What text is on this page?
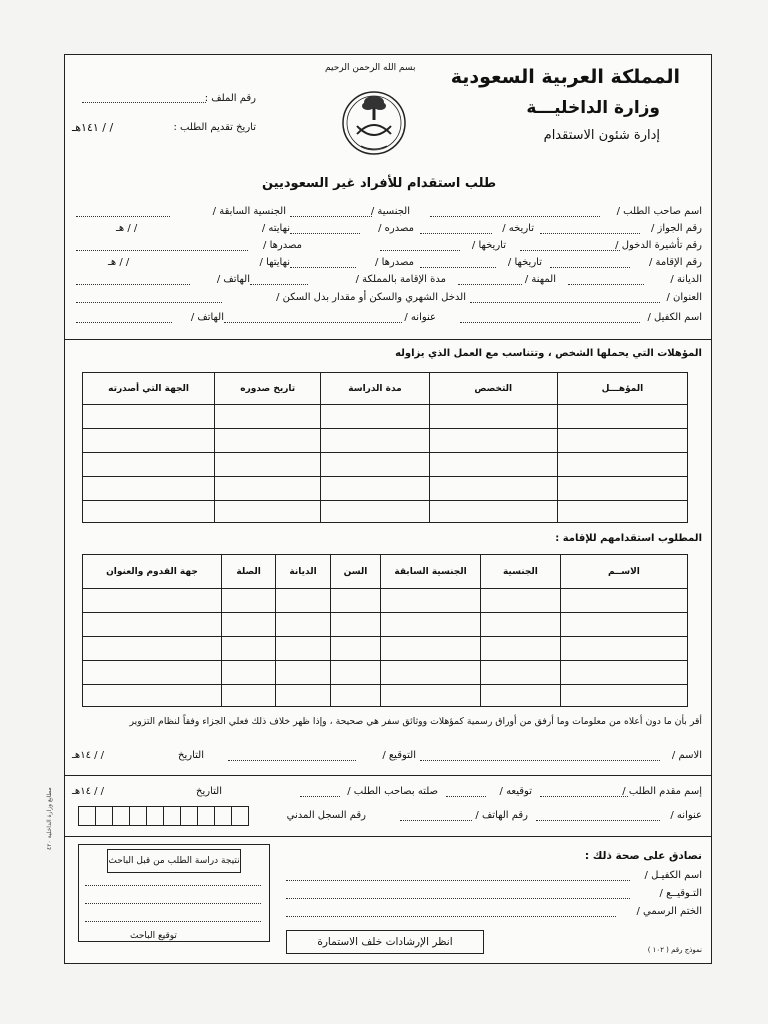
بسم الله الرحمن الرحيم المملكة العربية السعودية
وزارة الداخليـــة
إدارة شئون الاستقدام
رقم الملف :
تاريخ تقديم الطلب :
/ / ١٤١هـ
طلب استقدام للأفراد غير السعوديين
اسم صاحب الطلب /
الجنسية /
الجنسية السابقة /
رقم الجواز /
تاريخه /
مصدره /
نهايته /
/ / هـ
رقم تأشيرة الدخول /
تاريخها /
مصدرها /
رقم الإقامة /
تاريخها /
مصدرها /
نهايتها /
/ / هـ
الديانة /
المهنة /
مدة الإقامة بالمملكة /
الهاتف /
العنوان /
الدخل الشهري والسكن أو مقدار بدل السكن /
اسم الكفيل /
عنوانه /
الهاتف /
المؤهلات التي يحملها الشخص ، وتتناسب مع العمل الذي يزاوله
المؤهـــل	التخصص	مدة الدراسة	تاريخ صدوره	الجهة التي أصدرته

المطلوب استقدامهم للإقامة :
الاســم	الجنسية	الجنسية السابقة	السن	الديانة	الصلة	جهة القدوم والعنوان

أقر بأن ما دون أعلاه من معلومات وما أرفق من أوراق رسمية كمؤهلات ووثائق سفر هي صحيحة ، وإذا ظهر خلاف ذلك فعلي الجزاء وفقاً لنظام التزوير
الاسم /
التوقيع /
التاريخ
/ / ١٤هـ
إسم مقدم الطلب /
توقيعه /
صلته بصاحب الطلب /
التاريخ
/ / ١٤هـ
عنوانه /
رقم الهاتف /
رقم السجل المدني
نصادق على صحة ذلك :
اسم الكفيـل /
التـوقيــع /
الختم الرسمي /
انظر الإرشادات خلف الاستمارة
نموذج رقم ( ١٠٢ )
نتيجة دراسة الطلب من قبل الباحث
توقيع الباحث
مطابع وزارة الداخلية ٤٢٠
